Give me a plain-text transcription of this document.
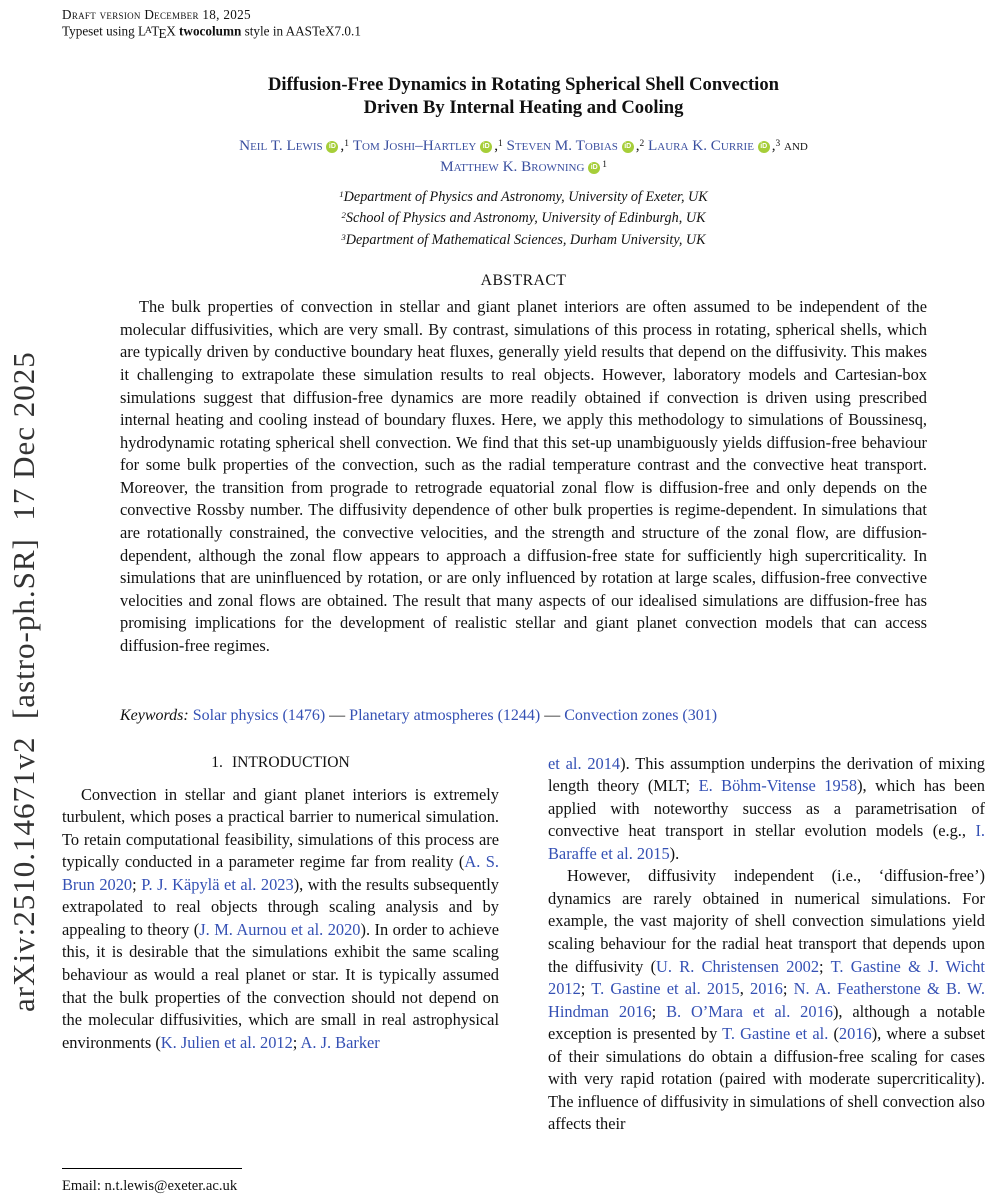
arXiv:2510.14671v2  [astro-ph.SR]  17 Dec 2025
Draft version December 18, 2025
Typeset using LATEX twocolumn style in AASTeX7.0.1
Diffusion-Free Dynamics in Rotating Spherical Shell Convection
Driven By Internal Heating and Cooling
Neil T. Lewis iD ,$^1$ Tom Joshi–Hartley iD ,$^1$ Steven M. Tobias iD ,$^2$ Laura K. Currie iD ,$^3$ and
Matthew K. Browning iD $^1$
$^1$Department of Physics and Astronomy, University of Exeter, UK
$^2$School of Physics and Astronomy, University of Edinburgh, UK
$^3$Department of Mathematical Sciences, Durham University, UK
ABSTRACT
The bulk properties of convection in stellar and giant planet interiors are often assumed to be independent of the molecular diffusivities, which are very small. By contrast, simulations of this process in rotating, spherical shells, which are typically driven by conductive boundary heat fluxes, generally yield results that depend on the diffusivity. This makes it challenging to extrapolate these simulation results to real objects. However, laboratory models and Cartesian-box simulations suggest that diffusion-free dynamics are more readily obtained if convection is driven using prescribed internal heating and cooling instead of boundary fluxes. Here, we apply this methodology to simulations of Boussinesq, hydrodynamic rotating spherical shell convection. We find that this set-up unambiguously yields diffusion-free behaviour for some bulk properties of the convection, such as the radial temperature contrast and the convective heat transport. Moreover, the transition from prograde to retrograde equatorial zonal flow is diffusion-free and only depends on the convective Rossby number. The diffusivity dependence of other bulk properties is regime-dependent. In simulations that are rotationally constrained, the convective velocities, and the strength and structure of the zonal flow, are diffusion-dependent, although the zonal flow appears to approach a diffusion-free state for sufficiently high supercriticality. In simulations that are uninfluenced by rotation, or are only influenced by rotation at large scales, diffusion-free convective velocities and zonal flows are obtained. The result that many aspects of our idealised simulations are diffusion-free has promising implications for the development of realistic stellar and giant planet convection models that can access diffusion-free regimes.
Keywords: Solar physics (1476) — Planetary atmospheres (1244) — Convection zones (301)
1. INTRODUCTION

Convection in stellar and giant planet interiors is extremely turbulent, which poses a practical barrier to numerical simulation. To retain computational feasibility, simulations of this process are typically conducted in a parameter regime far from reality (A. S. Brun 2020; P. J. Käpylä et al. 2023), with the results subsequently extrapolated to real objects through scaling analysis and by appealing to theory (J. M. Aurnou et al. 2020). In order to achieve this, it is desirable that the simulations exhibit the same scaling behaviour as would a real planet or star. It is typically assumed that the bulk properties of the convection should not depend on the molecular diffusivities, which are small in real astrophysical environments (K. Julien et al. 2012; A. J. Barker

et al. 2014). This assumption underpins the derivation of mixing length theory (MLT; E. Böhm-Vitense 1958), which has been applied with noteworthy success as a parametrisation of convective heat transport in stellar evolution models (e.g., I. Baraffe et al. 2015).

However, diffusivity independent (i.e., ‘diffusion-free’) dynamics are rarely obtained in numerical simulations. For example, the vast majority of shell convection simulations yield scaling behaviour for the radial heat transport that depends upon the diffusivity (U. R. Christensen 2002; T. Gastine & J. Wicht 2012; T. Gastine et al. 2015, 2016; N. A. Featherstone & B. W. Hindman 2016; B. O’Mara et al. 2016), although a notable exception is presented by T. Gastine et al. (2016), where a subset of their simulations do obtain a diffusion-free scaling for cases with very rapid rotation (paired with moderate supercriticality). The influence of diffusivity in simulations of shell convection also affects their

Email: n.t.lewis@exeter.ac.uk
